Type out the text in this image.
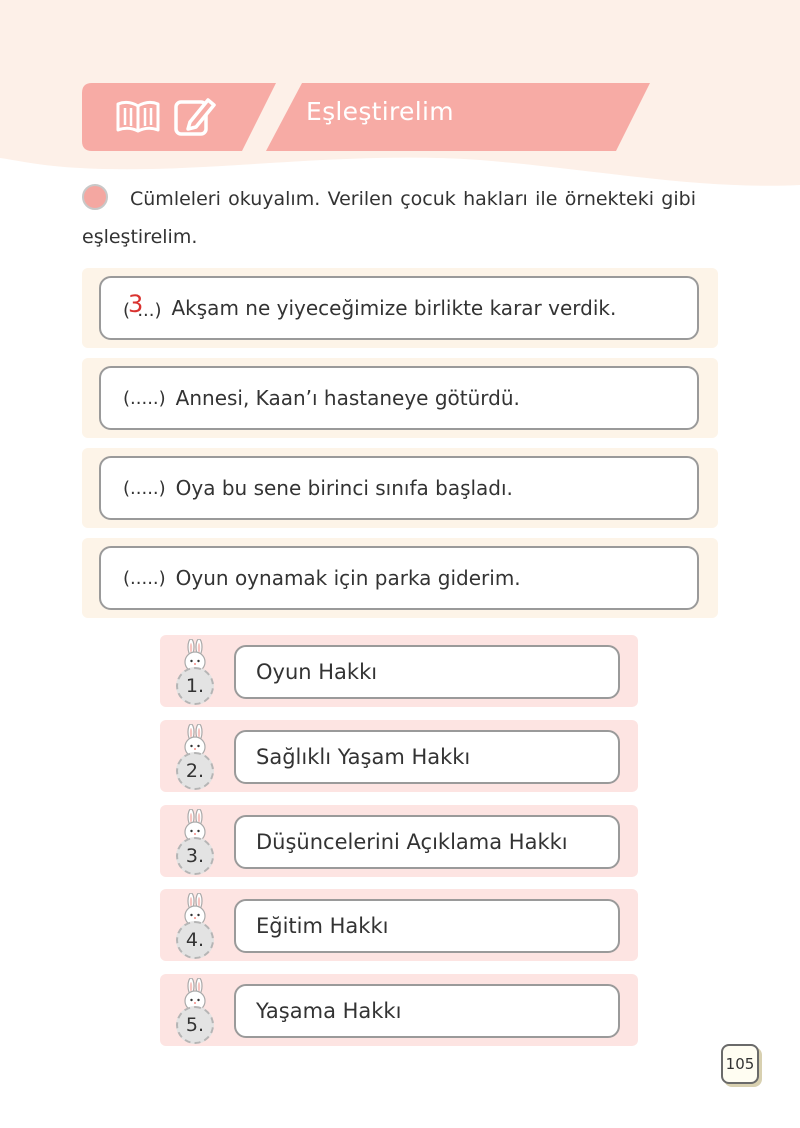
Eşleştirelim
Cümleleri okuyalım. Verilen çocuk hakları ile örnekteki gibi eşleştirelim.
(3...) Akşam ne yiyeceğimize birlikte karar verdik.
(.....) Annesi, Kaan’ı hastaneye götürdü.
(.....) Oya bu sene birinci sınıfa başladı.
(.....) Oyun oynamak için parka giderim.
1.
Oyun Hakkı
2.
Sağlıklı Yaşam Hakkı
3.
Düşüncelerini Açıklama Hakkı
4.
Eğitim Hakkı
5.
Yaşama Hakkı
105
